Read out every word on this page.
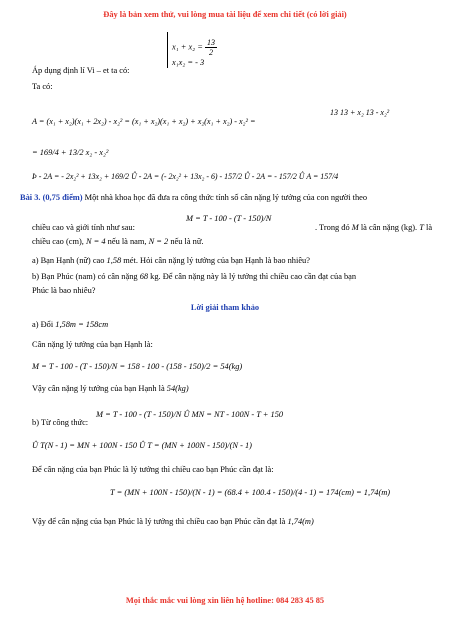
Đây là bản xem thử, vui lòng mua tài liệu để xem chi tiết (có lời giải)
$x_1 + x_2 = \frac{13}{2}$
x₁x₂ = - 3
Áp dụng định lí Vi – et ta có:
Ta có:
A = (x₁ + x₂)(x₁ + 2x₂) - x₂² = (x₁ + x₂)(x₁ + x₂) + x₂(x₁ + x₂) - x₂² =
13 13 + x₂ 13 - x₂²
= 169/4 + 13/2 x₂ - x₂²
Þ - 2A = - 2x₂² + 13x₂ + 169/2 Û - 2A = (- 2x₂² + 13x₂ - 6) - 157/2 Û - 2A = - 157/2 Û A = 157/4
Bài 3. (0,75 điểm) Một nhà khoa học đã đưa ra công thức tính số cân nặng lý tưởng của con người theo
M = T - 100 - (T - 150)/N
chiều cao và giới tính như sau:	. Trong đó M là cân nặng (kg). T là
chiều cao (cm), N = 4 nếu là nam, N = 2 nếu là nữ.
a) Bạn Hạnh (nữ) cao 1,58 mét. Hỏi cân nặng lý tưởng của bạn Hạnh là bao nhiêu?
b) Bạn Phúc (nam) có cân nặng 68 kg. Để cân nặng này là lý tưởng thì chiều cao cần đạt của bạn
Phúc là bao nhiêu?
Lời giải tham khảo
a) Đổi 1,58m = 158cm
Cân nặng lý tưởng của bạn Hạnh là:
M = T - 100 - (T - 150)/N = 158 - 100 - (158 - 150)/2 = 54(kg)
Vậy cân nặng lý tưởng của bạn Hạnh là 54(kg)
b) Từ công thức:
M = T - 100 - (T - 150)/N Û MN = NT - 100N - T + 150
Û T(N - 1) = MN + 100N - 150 Û T = (MN + 100N - 150)/(N - 1)
Để cân nặng của bạn Phúc là lý tưởng thì chiều cao bạn Phúc cần đạt là:
T = (MN + 100N - 150)/(N - 1) = (68.4 + 100.4 - 150)/(4 - 1) = 174(cm) = 1,74(m)
Vậy để cân nặng của bạn Phúc là lý tưởng thì chiều cao bạn Phúc cần đạt là 1,74(m)
Mọi thắc mắc vui lòng xin liên hệ hotline: 084 283 45 85
